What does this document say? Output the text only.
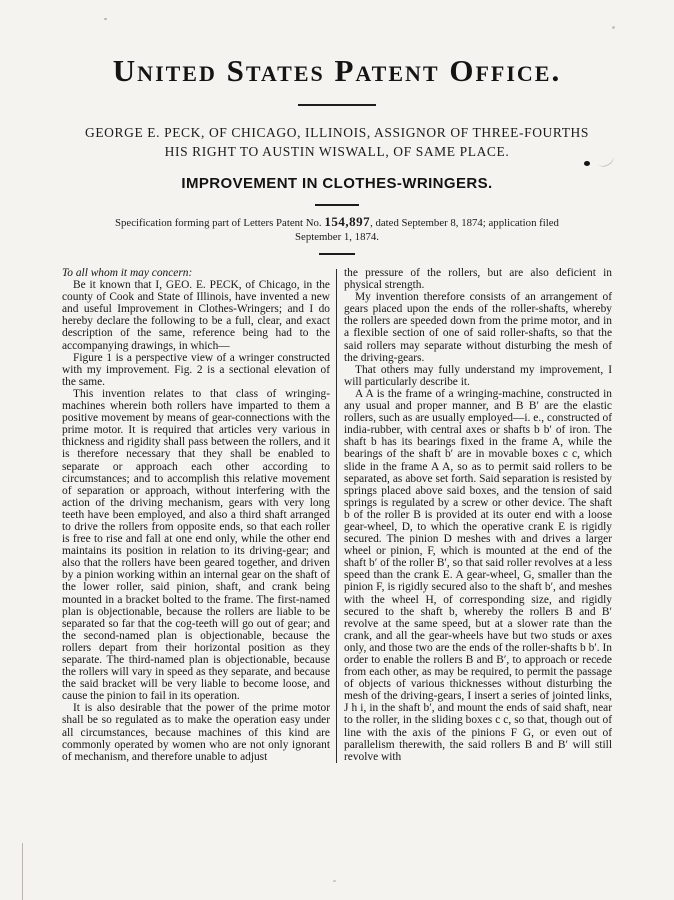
United States Patent Office.
GEORGE E. PECK, OF CHICAGO, ILLINOIS, ASSIGNOR OF THREE-FOURTHS
HIS RIGHT TO AUSTIN WISWALL, OF SAME PLACE.
IMPROVEMENT IN CLOTHES-WRINGERS.
Specification forming part of Letters Patent No. 154,897, dated September 8, 1874; application filed
September 1, 1874.

To all whom it may concern:

Be it known that I, GEO. E. PECK, of Chicago, in the county of Cook and State of Illinois, have invented a new and useful Improvement in Clothes-Wringers; and I do hereby declare the following to be a full, clear, and exact description of the same, reference being had to the accompanying drawings, in which—

Figure 1 is a perspective view of a wringer constructed with my improvement. Fig. 2 is a sectional elevation of the same.

This invention relates to that class of wringing-machines wherein both rollers have imparted to them a positive movement by means of gear-connections with the prime motor. It is required that articles very various in thickness and rigidity shall pass between the rollers, and it is therefore necessary that they shall be enabled to separate or approach each other according to circumstances; and to accomplish this relative movement of separation or approach, without interfering with the action of the driving mechanism, gears with very long teeth have been employed, and also a third shaft arranged to drive the rollers from opposite ends, so that each roller is free to rise and fall at one end only, while the other end maintains its position in relation to its driving-gear; and also that the rollers have been geared together, and driven by a pinion working within an internal gear on the shaft of the lower roller, said pinion, shaft, and crank being mounted in a bracket bolted to the frame. The first-named plan is objectionable, because the rollers are liable to be separated so far that the cog-teeth will go out of gear; and the second-named plan is objectionable, because the rollers depart from their horizontal position as they separate. The third-named plan is objectionable, because the rollers will vary in speed as they separate, and because the said bracket will be very liable to become loose, and cause the pinion to fail in its operation.

It is also desirable that the power of the prime motor shall be so regulated as to make the operation easy under all circumstances, because machines of this kind are commonly operated by women who are not only ignorant of mechanism, and therefore unable to adjust

the pressure of the rollers, but are also deficient in physical strength.

My invention therefore consists of an arrangement of gears placed upon the ends of the roller-shafts, whereby the rollers are speeded down from the prime motor, and in a flexible section of one of said roller-shafts, so that the said rollers may separate without disturbing the mesh of the driving-gears.

That others may fully understand my improvement, I will particularly describe it.

A A is the frame of a wringing-machine, constructed in any usual and proper manner, and B B′ are the elastic rollers, such as are usually employed—i. e., constructed of india-rubber, with central axes or shafts b b′ of iron. The shaft b has its bearings fixed in the frame A, while the bearings of the shaft b′ are in movable boxes c c, which slide in the frame A A, so as to permit said rollers to be separated, as above set forth. Said separation is resisted by springs placed above said boxes, and the tension of said springs is regulated by a screw or other device. The shaft b of the roller B is provided at its outer end with a loose gear-wheel, D, to which the operative crank E is rigidly secured. The pinion D meshes with and drives a larger wheel or pinion, F, which is mounted at the end of the shaft b′ of the roller B′, so that said roller revolves at a less speed than the crank E. A gear-wheel, G, smaller than the pinion F, is rigidly secured also to the shaft b′, and meshes with the wheel H, of corresponding size, and rigidly secured to the shaft b, whereby the rollers B and B′ revolve at the same speed, but at a slower rate than the crank, and all the gear-wheels have but two studs or axes only, and those two are the ends of the roller-shafts b b′. In order to enable the rollers B and B′, to approach or recede from each other, as may be required, to permit the passage of objects of various thicknesses without disturbing the mesh of the driving-gears, I insert a series of jointed links, J h i, in the shaft b′, and mount the ends of said shaft, near to the roller, in the sliding boxes c c, so that, though out of line with the axis of the pinions F G, or even out of parallelism therewith, the said rollers B and B′ will still revolve with
